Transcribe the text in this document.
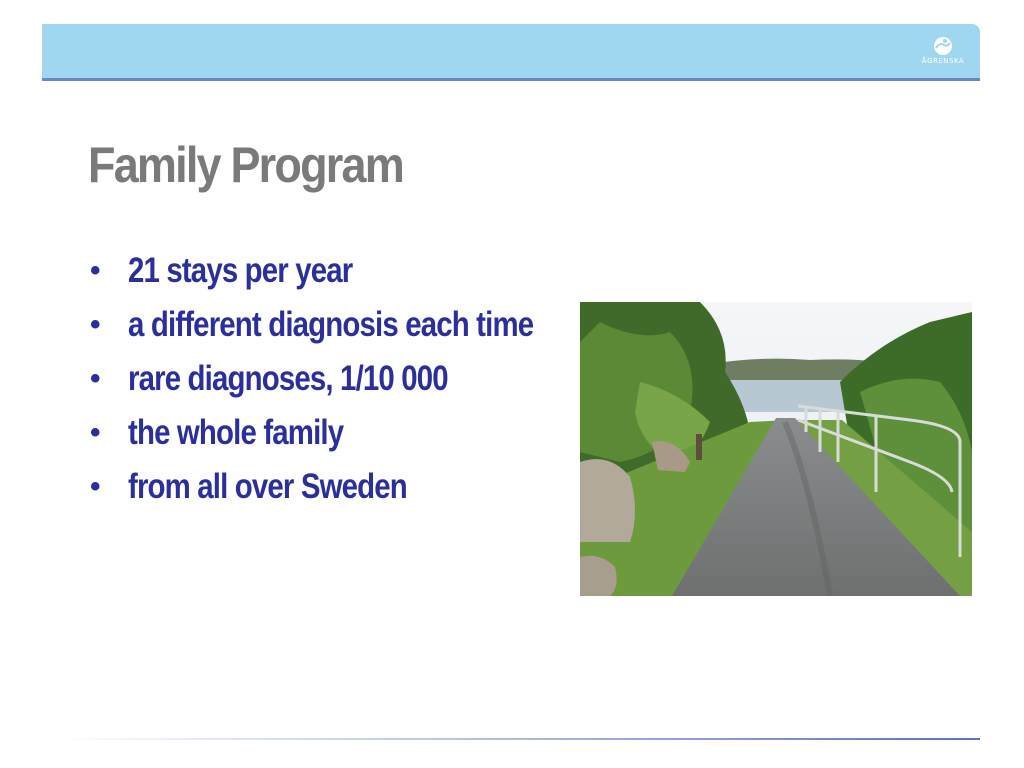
ÅGRENSKA
Family Program
• 21 stays per year
• a different diagnosis each time
• rare diagnoses, 1/10 000
• the whole family
• from all over Sweden
